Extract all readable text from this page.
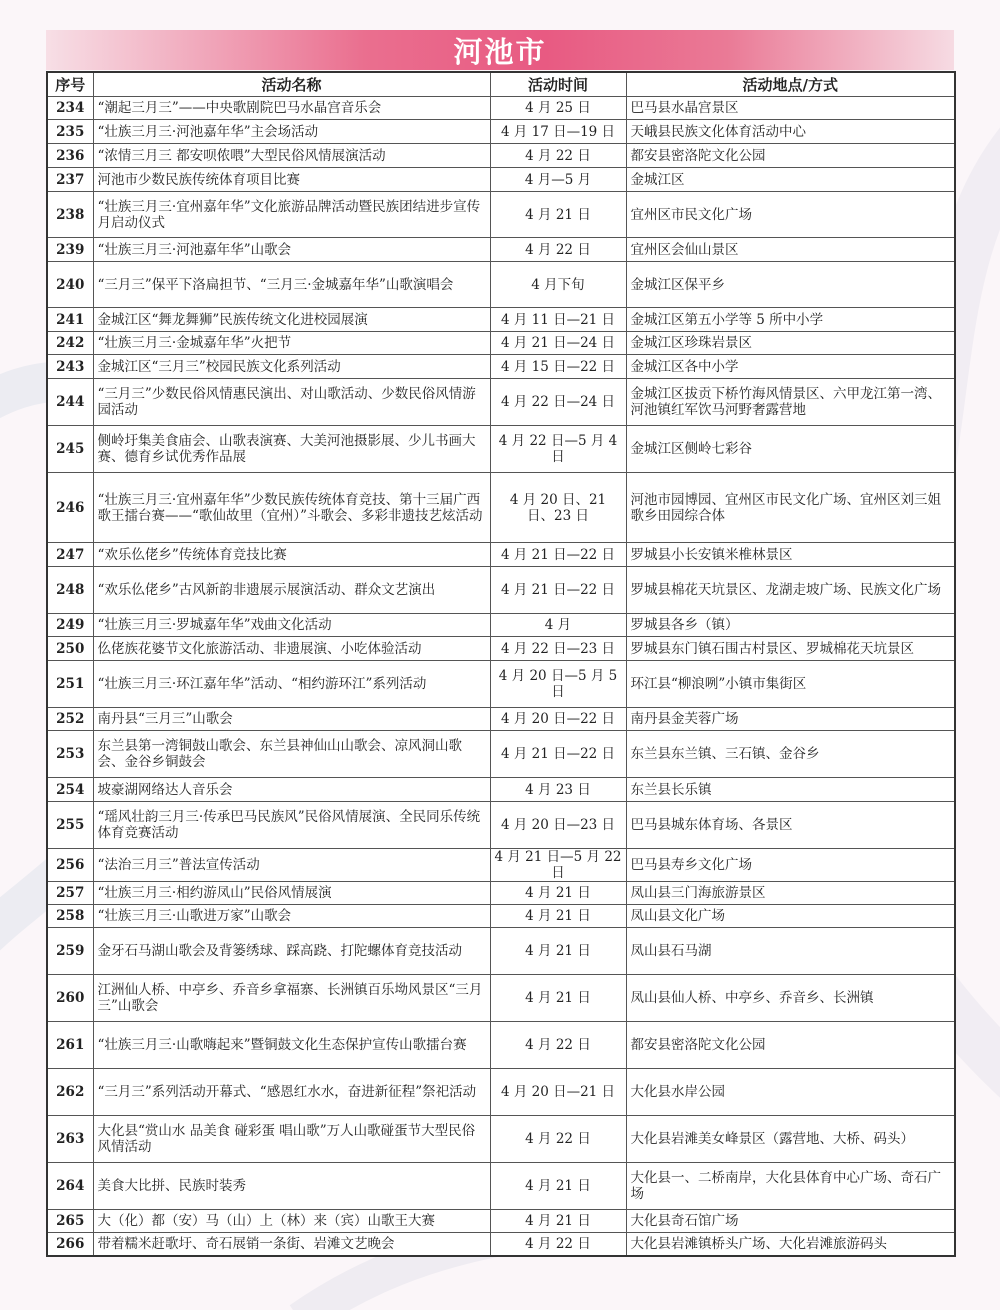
河池市
序号	活动名称	活动时间	活动地点/方式
234	“潮起三月三”——中央歌剧院巴马水晶宫音乐会	4 月 25 日	巴马县水晶宫景区
235	“壮族三月三·河池嘉年华”主会场活动	4 月 17 日—19 日	天峨县民族文化体育活动中心
236	“浓情三月三 都安呗侬喂”大型民俗风情展演活动	4 月 22 日	都安县密洛陀文化公园
237	河池市少数民族传统体育项目比赛	4 月—5 月	金城江区
238	“壮族三月三·宜州嘉年华”文化旅游品牌活动暨民族团结进步宣传月启动仪式	4 月 21 日	宜州区市民文化广场
239	“壮族三月三·河池嘉年华”山歌会	4 月 22 日	宜州区会仙山景区
240	“三月三”保平下洛扁担节、“三月三·金城嘉年华”山歌演唱会	4 月下旬	金城江区保平乡
241	金城江区“舞龙舞狮”民族传统文化进校园展演	4 月 11 日—21 日	金城江区第五小学等 5 所中小学
242	“壮族三月三·金城嘉年华”火把节	4 月 21 日—24 日	金城江区珍珠岩景区
243	金城江区“三月三”校园民族文化系列活动	4 月 15 日—22 日	金城江区各中小学
244	“三月三”少数民俗风情惠民演出、对山歌活动、少数民俗风情游园活动	4 月 22 日—24 日	金城江区拔贡下桥竹海风情景区、六甲龙江第一湾、河池镇红军饮马河野奢露营地
245	侧岭圩集美食庙会、山歌表演赛、大美河池摄影展、少儿书画大赛、德育乡试优秀作品展	4 月 22 日—5 月 4 日	金城江区侧岭七彩谷
246	“壮族三月三·宜州嘉年华”少数民族传统体育竞技、第十三届广西歌王擂台赛——“歌仙故里（宜州）”斗歌会、多彩非遗技艺炫活动	4 月 20 日、21 日、23 日	河池市园博园、宜州区市民文化广场、宜州区刘三姐歌乡田园综合体
247	“欢乐仫佬乡”传统体育竞技比赛	4 月 21 日—22 日	罗城县小长安镇米椎林景区
248	“欢乐仫佬乡”古风新韵非遗展示展演活动、群众文艺演出	4 月 21 日—22 日	罗城县棉花天坑景区、龙湖走坡广场、民族文化广场
249	“壮族三月三·罗城嘉年华”戏曲文化活动	4 月	罗城县各乡（镇）
250	仫佬族花婆节文化旅游活动、非遗展演、小吃体验活动	4 月 22 日—23 日	罗城县东门镇石围古村景区、罗城棉花天坑景区
251	“壮族三月三·环江嘉年华”活动、“相约游环江”系列活动	4 月 20 日—5 月 5 日	环江县“柳浪咧”小镇市集街区
252	南丹县“三月三”山歌会	4 月 20 日—22 日	南丹县金芙蓉广场
253	东兰县第一湾铜鼓山歌会、东兰县神仙山山歌会、凉风洞山歌会、金谷乡铜鼓会	4 月 21 日—22 日	东兰县东兰镇、三石镇、金谷乡
254	坡豪湖网络达人音乐会	4 月 23 日	东兰县长乐镇
255	“瑶风壮韵三月三·传承巴马民族风”民俗风情展演、全民同乐传统体育竞赛活动	4 月 20 日—23 日	巴马县城东体育场、各景区
256	“法治三月三”普法宣传活动	4 月 21 日—5 月 22 日	巴马县寿乡文化广场
257	“壮族三月三·相约游凤山”民俗风情展演	4 月 21 日	凤山县三门海旅游景区
258	“壮族三月三·山歌进万家”山歌会	4 月 21 日	凤山县文化广场
259	金牙石马湖山歌会及背篓绣球、踩高跷、打陀螺体育竞技活动	4 月 21 日	凤山县石马湖
260	江洲仙人桥、中亭乡、乔音乡拿福寨、长洲镇百乐坳风景区“三月三”山歌会	4 月 21 日	凤山县仙人桥、中亭乡、乔音乡、长洲镇
261	“壮族三月三·山歌嗨起来”暨铜鼓文化生态保护宣传山歌擂台赛	4 月 22 日	都安县密洛陀文化公园
262	“三月三”系列活动开幕式、“感恩红水水，奋进新征程”祭祀活动	4 月 20 日—21 日	大化县水岸公园
263	大化县“赏山水 品美食 碰彩蛋 唱山歌”万人山歌碰蛋节大型民俗风情活动	4 月 22 日	大化县岩滩美女峰景区（露营地、大桥、码头）
264	美食大比拼、民族时装秀	4 月 21 日	大化县一、二桥南岸，大化县体育中心广场、奇石广场
265	大（化）都（安）马（山）上（林）来（宾）山歌王大赛	4 月 21 日	大化县奇石馆广场
266	带着糯米赶歌圩、奇石展销一条街、岩滩文艺晚会	4 月 22 日	大化县岩滩镇桥头广场、大化岩滩旅游码头
